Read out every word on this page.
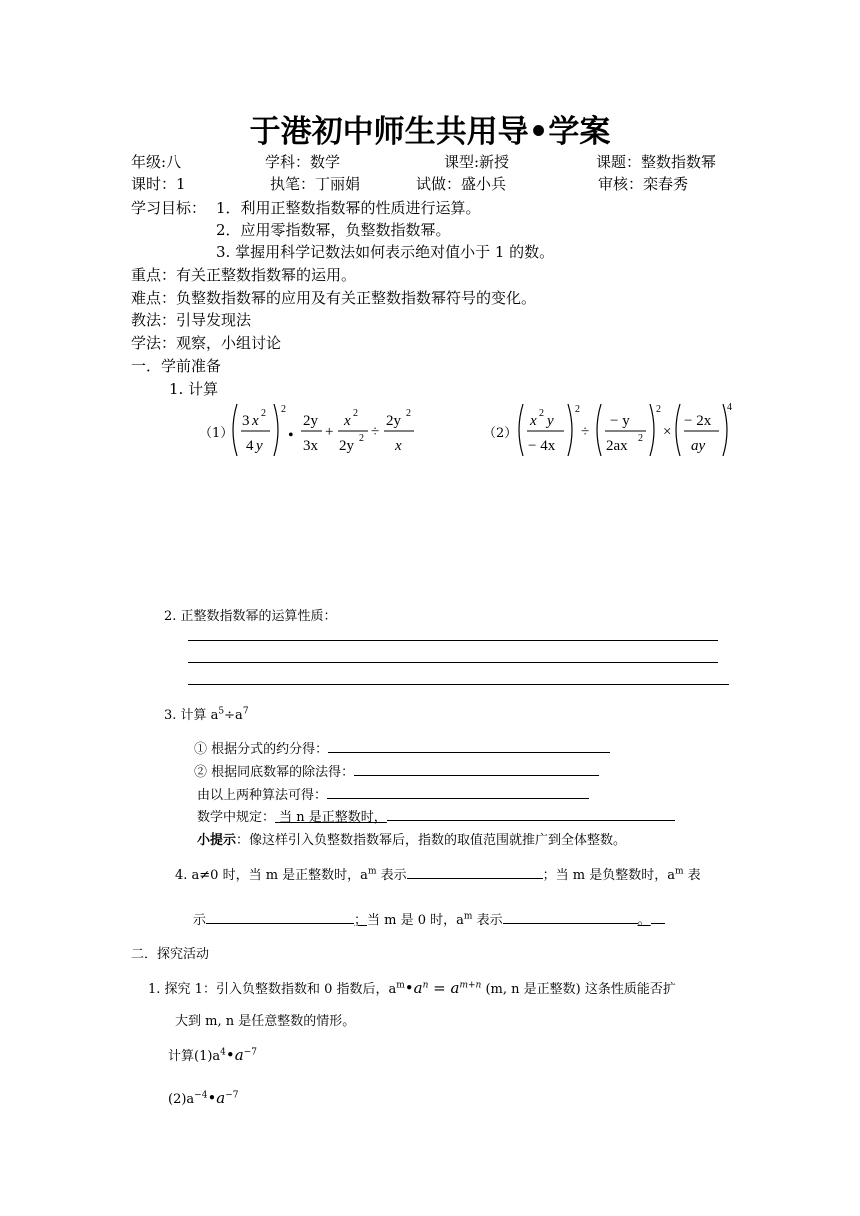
于港初中师生共用导•学案
年级:八	学科：数学	课型:新授	课题：整数指数幂
课时：1	执笔：丁丽娟	试做：盛小兵	审核：栾春秀
学习目标： 1．利用正整数指数幂的性质进行运算。
2．应用零指数幂，负整数指数幂。
3. 掌握用科学记数法如何表示绝对值小于 1 的数。
重点：有关正整数指数幂的运用。
难点：负整数指数幂的应用及有关正整数指数幂符号的变化。
教法：引导发现法
学法：观察，小组讨论
一．学前准备
1. 计算
（1）
3 x 2
4 y
2
•
2y
3x
+
x 2
2y 2 ÷
2y 2
x
（2）
x 2 y
− 4x
2
÷
− y
2ax 2
2
×
− 2x
ay
4
2. 正整数指数幂的运算性质：
3. 计算 $a^5\div a^7$
① 根据分式的约分得：
② 根据同底数幂的除法得：
由以上两种算法可得：
数学中规定： 当 n 是正整数时，
小提示：像这样引入负整数指数幂后，指数的取值范围就推广到全体整数。
4. a≠0 时，当 m 是正整数时，$a^m$ 表示	；当 m 是负整数时，$a^m$ 表
示	；当 m 是 0 时，$a^m$ 表示	。
二．探究活动
1. 探究 1：引入负整数指数和 0 指数后，$a^m•a^n = a^{m+n}$ (m, n 是正整数) 这条性质能否扩
大到 m, n 是任意整数的情形。
计算$(1)a^4•a^{-7}$
$(2)a^{-4}•a^{-7}$
